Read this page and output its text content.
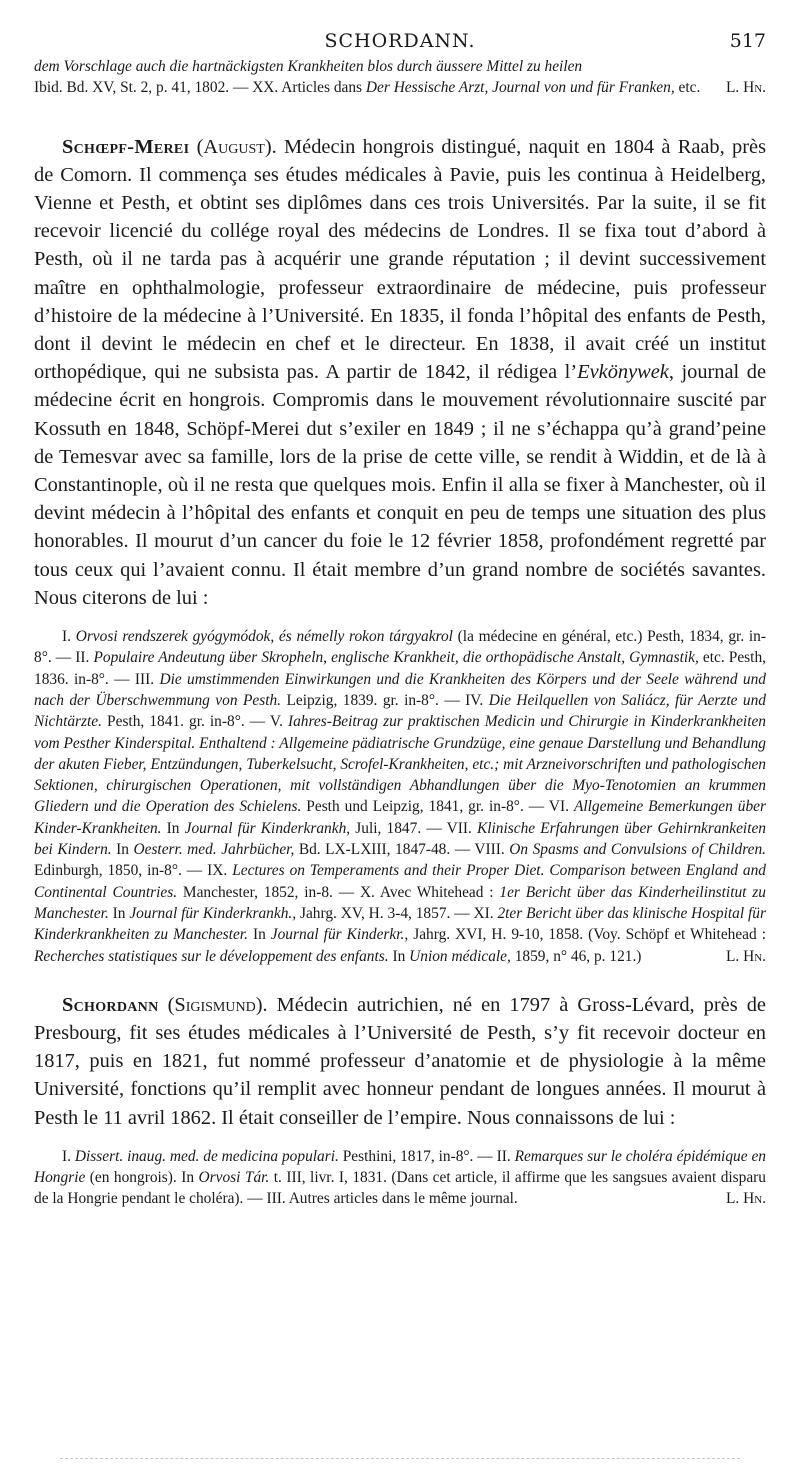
SCHORDANN.	517
dem Vorschlage auch die hartnäckigsten Krankheiten blos durch äussere Mittel zu heilen
Ibid. Bd. XV, St. 2, p. 41, 1802. — XX. Articles dans Der Hessische Arzt, Journal von und für Franken, etc. L. Hn.

Schœpf-Merei (August). Médecin hongrois distingué, naquit en 1804 à Raab, près de Comorn. Il commença ses études médicales à Pavie, puis les continua à Heidelberg, Vienne et Pesth, et obtint ses diplômes dans ces trois Universités. Par la suite, il se fit recevoir licencié du collége royal des médecins de Londres. Il se fixa tout d’abord à Pesth, où il ne tarda pas à acquérir une grande réputation ; il devint successivement maître en ophthalmologie, professeur extraordinaire de médecine, puis professeur d’histoire de la médecine à l’Université. En 1835, il fonda l’hôpital des enfants de Pesth, dont il devint le médecin en chef et le directeur. En 1838, il avait créé un institut orthopédique, qui ne subsista pas. A partir de 1842, il rédigea l’Evkönywek, journal de médecine écrit en hongrois. Compromis dans le mouvement révolutionnaire suscité par Kossuth en 1848, Schöpf-Merei dut s’exiler en 1849 ; il ne s’échappa qu’à grand’peine de Temesvar avec sa famille, lors de la prise de cette ville, se rendit à Widdin, et de là à Constantinople, où il ne resta que quelques mois. Enfin il alla se fixer à Manchester, où il devint médecin à l’hôpital des enfants et conquit en peu de temps une situation des plus honorables. Il mourut d’un cancer du foie le 12 février 1858, profondément regretté par tous ceux qui l’avaient connu. Il était membre d’un grand nombre de sociétés savantes. Nous citerons de lui :

I. Orvosi rendszerek gyógymódok, és némelly rokon tárgyakrol (la médecine en général, etc.) Pesth, 1834, gr. in-8°. — II. Populaire Andeutung über Skropheln, englische Krankheit, die orthopädische Anstalt, Gymnastik, etc. Pesth, 1836. in-8°. — III. Die umstimmenden Einwirkungen und die Krankheiten des Körpers und der Seele während und nach der Überschwemmung von Pesth. Leipzig, 1839. gr. in-8°. — IV. Die Heilquellen von Saliácz, für Aerzte und Nichtärzte. Pesth, 1841. gr. in-8°. — V. Iahres-Beitrag zur praktischen Medicin und Chirurgie in Kinderkrankheiten vom Pesther Kinderspital. Enthaltend : Allgemeine pädiatrische Grundzüge, eine genaue Darstellung und Behandlung der akuten Fieber, Entzündungen, Tuberkelsucht, Scrofel-Krankheiten, etc.; mit Arzneivorschriften und pathologischen Sektionen, chirurgischen Operationen, mit vollständigen Abhandlungen über die Myo-Tenotomien an krummen Gliedern und die Operation des Schielens. Pesth und Leipzig, 1841, gr. in-8°. — VI. Allgemeine Bemerkungen über Kinder-Krankheiten. In Journal für Kinderkrankh, Juli, 1847. — VII. Klinische Erfahrungen über Gehirnkrankeiten bei Kindern. In Oesterr. med. Jahrbücher, Bd. LX-LXIII, 1847-48. — VIII. On Spasms and Convulsions of Children. Edinburgh, 1850, in-8°. — IX. Lectures on Temperaments and their Proper Diet. Comparison between England and Continental Countries. Manchester, 1852, in-8. — X. Avec Whitehead : 1er Bericht über das Kinderheilinstitut zu Manchester. In Journal für Kinderkrankh., Jahrg. XV, H. 3-4, 1857. — XI. 2ter Bericht über das klinische Hospital für Kinderkrankheiten zu Manchester. In Journal für Kinderkr., Jahrg. XVI, H. 9-10, 1858. (Voy. Schöpf et Whitehead : Recherches statistiques sur le développement des enfants. In Union médicale, 1859, n° 46, p. 121.)	L. Hn.

Schordann (Sigismund). Médecin autrichien, né en 1797 à Gross-Lévard, près de Presbourg, fit ses études médicales à l’Université de Pesth, s’y fit recevoir docteur en 1817, puis en 1821, fut nommé professeur d’anatomie et de physiologie à la même Université, fonctions qu’il remplit avec honneur pendant de longues années. Il mourut à Pesth le 11 avril 1862. Il était conseiller de l’empire. Nous connaissons de lui :

I. Dissert. inaug. med. de medicina populari. Pesthini, 1817, in-8°. — II. Remarques sur le choléra épidémique en Hongrie (en hongrois). In Orvosi Tár. t. III, livr. I, 1831. (Dans cet article, il affirme que les sangsues avaient disparu de la Hongrie pendant le choléra). — III. Autres articles dans le même journal.	L. Hn.
